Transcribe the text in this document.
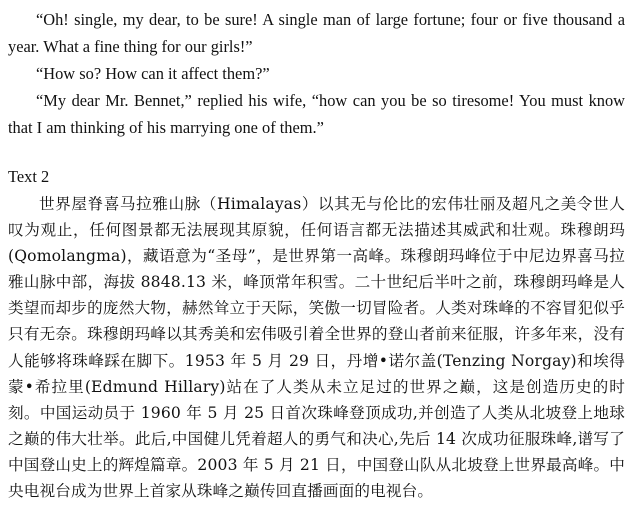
“Oh! single, my dear, to be sure! A single man of large fortune; four or five thousand a year. What a fine thing for our girls!”

“How so? How can it affect them?”

“My dear Mr. Bennet,” replied his wife, “how can you be so tiresome! You must know that I am thinking of his marrying one of them.”

Text 2

世界屋脊喜马拉雅山脉（Himalayas）以其无与伦比的宏伟壮丽及超凡之美令世人叹为观止，任何图景都无法展现其原貌，任何语言都无法描述其威武和壮观。珠穆朗玛(Qomolangma)，藏语意为“圣母”，是世界第一高峰。珠穆朗玛峰位于中尼边界喜马拉雅山脉中部，海拔 8848.13 米，峰顶常年积雪。二十世纪后半叶之前，珠穆朗玛峰是人类望而却步的庞然大物，赫然耸立于天际，笑傲一切冒险者。人类对珠峰的不容冒犯似乎只有无奈。珠穆朗玛峰以其秀美和宏伟吸引着全世界的登山者前来征服，许多年来，没有人能够将珠峰踩在脚下。1953 年 5 月 29 日，丹增•诺尔盖(Tenzing Norgay)和埃得蒙•希拉里(Edmund Hillary)站在了人类从未立足过的世界之巅，这是创造历史的时刻。中国运动员于 1960 年 5 月 25 日首次珠峰登顶成功,并创造了人类从北坡登上地球之巅的伟大壮举。此后,中国健儿凭着超人的勇气和决心,先后 14 次成功征服珠峰,谱写了中国登山史上的辉煌篇章。2003 年 5 月 21 日，中国登山队从北坡登上世界最高峰。中央电视台成为世界上首家从珠峰之巅传回直播画面的电视台。
